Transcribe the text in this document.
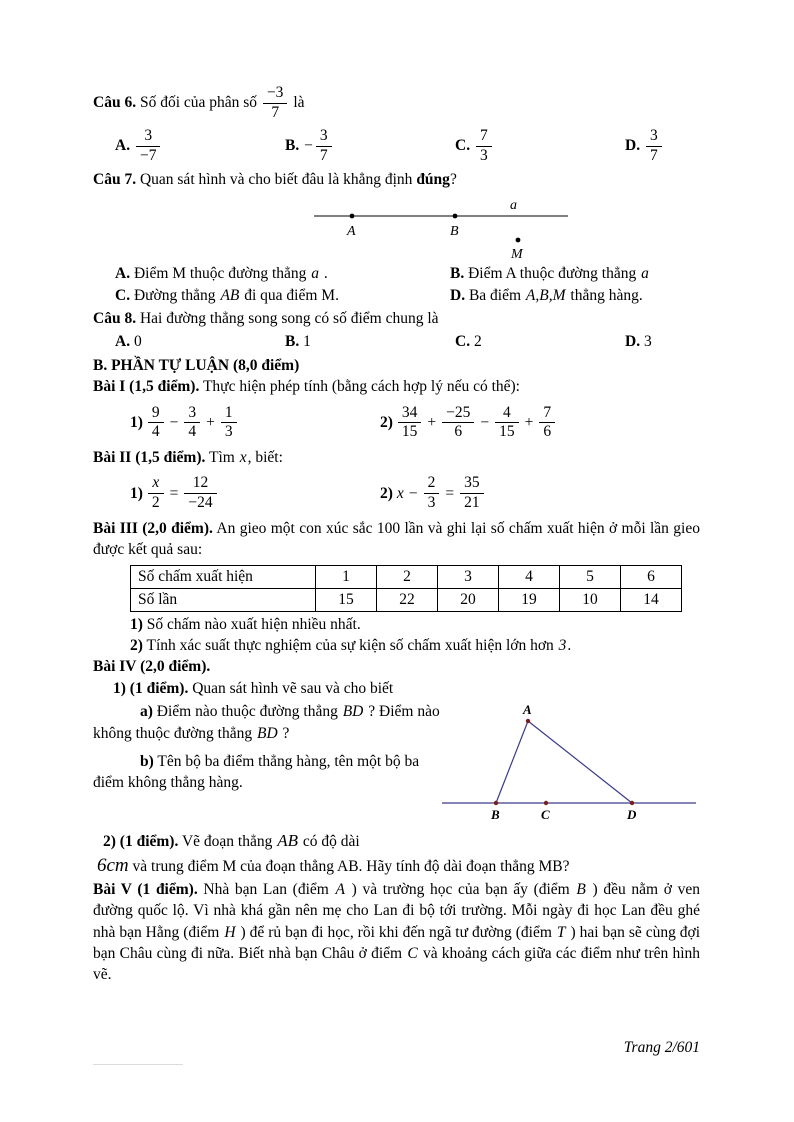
Câu 6. Số đối của phân số $\frac{-3}{7}$ là

A. $\frac{3}{-7}$	B. − $\frac{3}{7}$	C. $\frac{7}{3}$	D. $\frac{3}{7}$

Câu 7. Quan sát hình và cho biết đâu là khẳng định đúng?

a
A	B
M
A. Điểm M thuộc đường thẳng a .	B. Điểm A thuộc đường thẳng a
C. Đường thẳng AB đi qua điểm M.	D. Ba điểm A,B,M thẳng hàng.

Câu 8. Hai đường thẳng song song có số điểm chung là

A. 0	B. 1	C. 2	D. 3

B. PHẦN TỰ LUẬN (8,0 điểm)

Bài I (1,5 điểm). Thực hiện phép tính (bằng cách hợp lý nếu có thể):

$1) \frac{9}{4} - \frac{3}{4} + \frac{1}{3}$	$2) \frac{34}{15} + \frac{-25}{6} - \frac{4}{15} + \frac{7}{6}$

Bài II (1,5 điểm). Tìm x, biết:

$1) \frac{x}{2} = \frac{12}{-24}$	2) $x - \frac{2}{3} = \frac{35}{21}$

Bài III (2,0 điểm). An gieo một con xúc sắc 100 lần và ghi lại số chấm xuất hiện ở mỗi lần gieo được kết quả sau:

Số chấm xuất hiện	1	2	3	4	5	6
Số lần	15	22	20	19	10	14

1) Số chấm nào xuất hiện nhiều nhất.

2) Tính xác suất thực nghiệm của sự kiện số chấm xuất hiện lớn hơn 3.

Bài IV (2,0 điểm).

1) (1 điểm). Quan sát hình vẽ sau và cho biết

a) Điểm nào thuộc đường thẳng BD ? Điểm nào không thuộc đường thẳng BD ?

b) Tên bộ ba điểm thẳng hàng, tên một bộ ba điểm không thẳng hàng.

A
B	C	D

2) (1 điểm). Vẽ đoạn thẳng AB có độ dài

6cm và trung điểm M của đoạn thẳng AB. Hãy tính độ dài đoạn thẳng MB?

Bài V (1 điểm). Nhà bạn Lan (điểm A ) và trường học của bạn ấy (điểm B ) đều nằm ở ven đường quốc lộ. Vì nhà khá gần nên mẹ cho Lan đi bộ tới trường. Mỗi ngày đi học Lan đều ghé nhà bạn Hằng (điểm H ) để rủ bạn đi học, rồi khi đến ngã tư đường (điểm T ) hai bạn sẽ cùng đợi bạn Châu cùng đi nữa. Biết nhà bạn Châu ở điểm C và khoảng cách giữa các điểm như trên hình vẽ.

Trang 2/601
